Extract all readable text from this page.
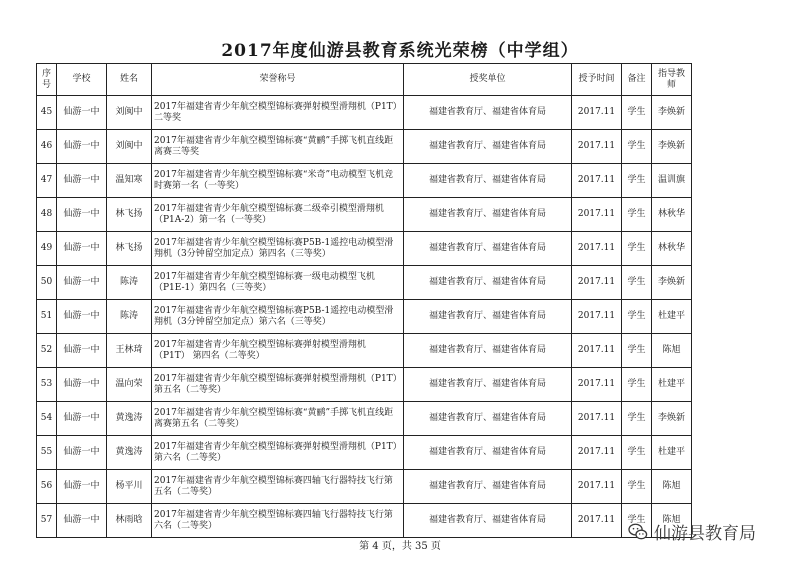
2017年度仙游县教育系统光荣榜（中学组）
序号	学校	姓名	荣誉称号	授奖单位	授予时间	备注	指导教师
45	仙游一中	刘闽中	2017年福建省青少年航空模型锦标赛弹射模型滑翔机（P1T）二等奖	福建省教育厅、福建省体育局	2017.11	学生	李焕新
46	仙游一中	刘闽中	2017年福建省青少年航空模型锦标赛“黄鹂”手掷飞机直线距离赛三等奖	福建省教育厅、福建省体育局	2017.11	学生	李焕新
47	仙游一中	温知寒	2017年福建省青少年航空模型锦标赛“米奇”电动模型飞机竞时赛第一名（一等奖）	福建省教育厅、福建省体育局	2017.11	学生	温训旗
48	仙游一中	林飞扬	2017年福建省青少年航空模型锦标赛二级牵引模型滑翔机（P1A-2）第一名（一等奖）	福建省教育厅、福建省体育局	2017.11	学生	林秋华
49	仙游一中	林飞扬	2017年福建省青少年航空模型锦标赛P5B-1遥控电动模型滑翔机（3分钟留空加定点）第四名（三等奖）	福建省教育厅、福建省体育局	2017.11	学生	林秋华
50	仙游一中	陈涛	2017年福建省青少年航空模型锦标赛一级电动模型飞机（P1E-1）第四名（三等奖）	福建省教育厅、福建省体育局	2017.11	学生	李焕新
51	仙游一中	陈涛	2017年福建省青少年航空模型锦标赛P5B-1遥控电动模型滑翔机（3分钟留空加定点）第六名（三等奖）	福建省教育厅、福建省体育局	2017.11	学生	杜建平
52	仙游一中	王林琦	2017年福建省青少年航空模型锦标赛弹射模型滑翔机（P1T） 第四名（二等奖）	福建省教育厅、福建省体育局	2017.11	学生	陈旭
53	仙游一中	温向荣	2017年福建省青少年航空模型锦标赛弹射模型滑翔机（P1T）第五名（二等奖）	福建省教育厅、福建省体育局	2017.11	学生	杜建平
54	仙游一中	黄逸涛	2017年福建省青少年航空模型锦标赛“黄鹂”手掷飞机直线距离赛第五名（二等奖）	福建省教育厅、福建省体育局	2017.11	学生	李焕新
55	仙游一中	黄逸涛	2017年福建省青少年航空模型锦标赛弹射模型滑翔机（P1T）第六名（二等奖）	福建省教育厅、福建省体育局	2017.11	学生	杜建平
56	仙游一中	杨平川	2017年福建省青少年航空模型锦标赛四轴飞行器特技飞行第五名（二等奖）	福建省教育厅、福建省体育局	2017.11	学生	陈旭
57	仙游一中	林雨晗	2017年福建省青少年航空模型锦标赛四轴飞行器特技飞行第六名（二等奖）	福建省教育厅、福建省体育局	2017.11	学生	陈旭
第 4 页，共 35 页
仙游县教育局
